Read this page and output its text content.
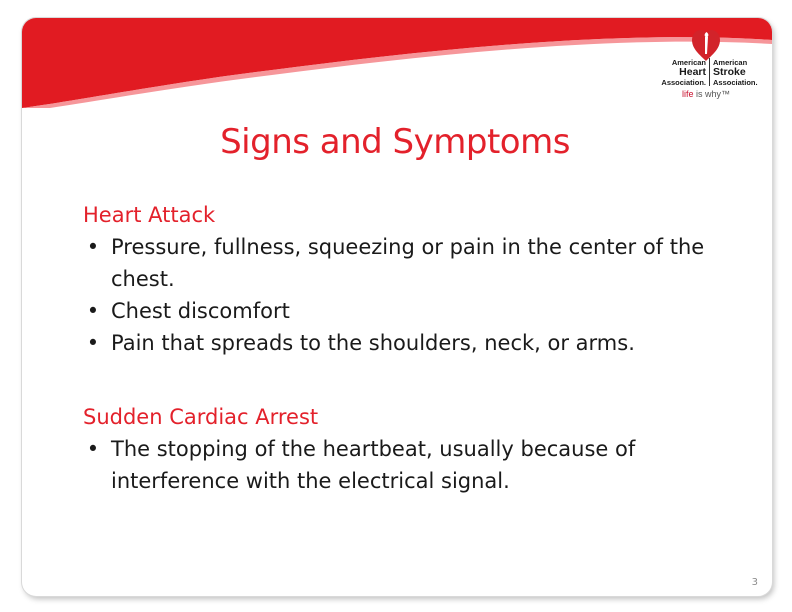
American
Heart
Association.
American
Stroke
Association.
life is why™
Signs and Symptoms
Heart Attack
• Pressure, fullness, squeezing or pain in the center of the chest.
• Chest discomfort
• Pain that spreads to the shoulders, neck, or arms.
Sudden Cardiac Arrest
• The stopping of the heartbeat, usually because of interference with the electrical signal.
3
